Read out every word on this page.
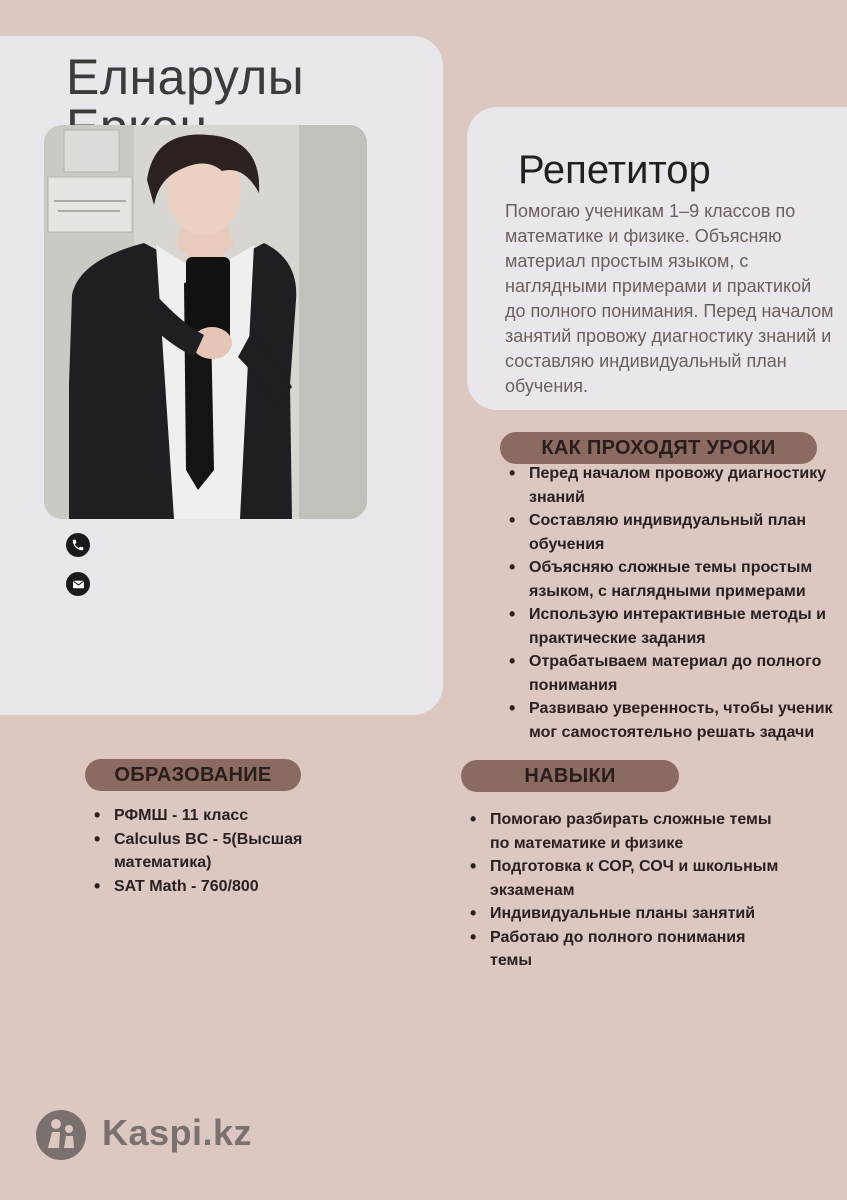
Елнарулы
Репетитор
Помогаю ученикам 1–9 классов по математике и физике. Объясняю материал простым языком, с наглядными примерами и практикой до полного понимания. Перед началом занятий провожу диагностику знаний и составляю индивидуальный план обучения.
КАК ПРОХОДЯТ УРОКИ
• Перед началом провожу диагностику знаний
• Составляю индивидуальный план обучения
• Объясняю сложные темы простым языком, с наглядными примерами
• Использую интерактивные методы и практические задания
• Отрабатываем материал до полного понимания
• Развиваю уверенность, чтобы ученик мог самостоятельно решать задачи
ОБРАЗОВАНИЕ
• РФМШ - 11 класс
• Calculus BC - 5(Высшая математика)
• SAT Math - 760/800
НАВЫКИ
• Помогаю разбирать сложные темы по математике и физике
• Подготовка к СОР, СОЧ и школьным экзаменам
• Индивидуальные планы занятий
• Работаю до полного понимания темы
Kaspi.kz
